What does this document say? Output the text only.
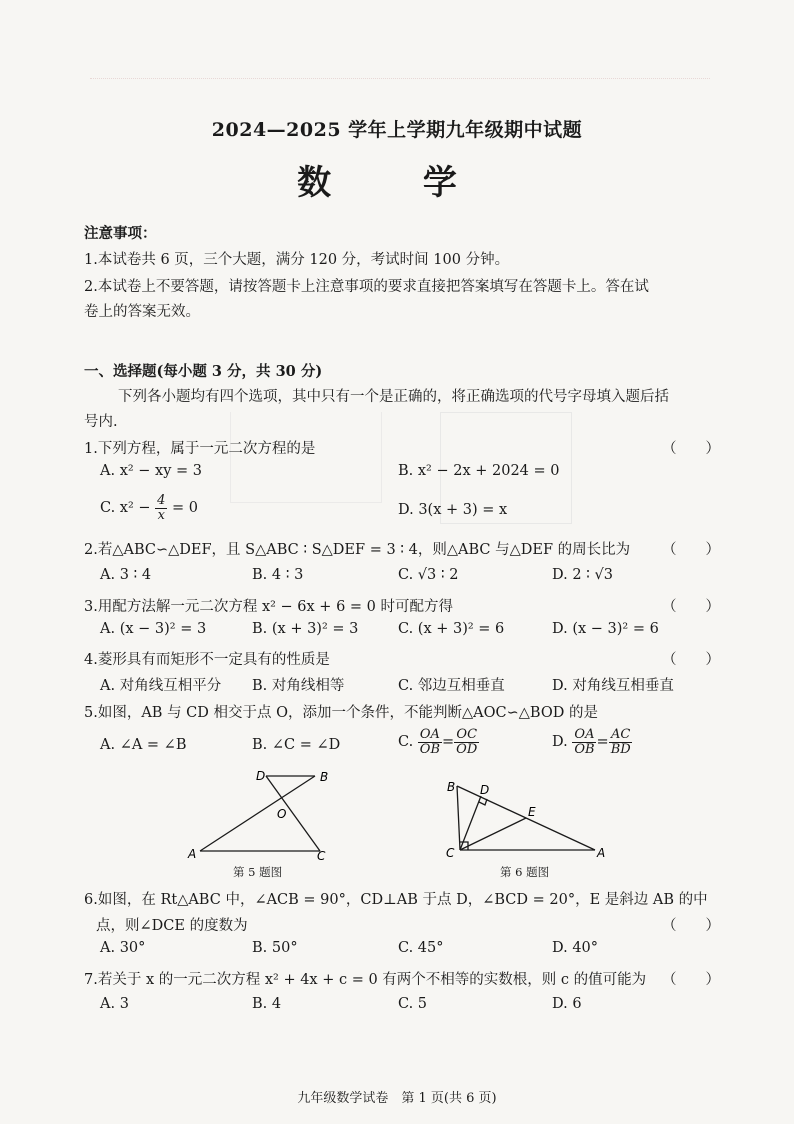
2024—2025 学年上学期九年级期中试题
数 学
注意事项：
1.本试卷共 6 页，三个大题，满分 120 分，考试时间 100 分钟。
2.本试卷上不要答题，请按答题卡上注意事项的要求直接把答案填写在答题卡上。答在试
卷上的答案无效。
一、选择题(每小题 3 分，共 30 分)
下列各小题均有四个选项，其中只有一个是正确的，将正确选项的代号字母填入题后括
号内.
1.下列方程，属于一元二次方程的是	（　　）
A. x² − xy = 3	B. x² − 2x + 2024 = 0
C. $x^2 - \frac{4}{x} = 0$	D. 3(x + 3) = x
2.若△ABC∽△DEF，且 S△ABC ∶ S△DEF = 3 ∶ 4，则△ABC 与△DEF 的周长比为 （　　）
A. 3 ∶ 4	B. 4 ∶ 3	C. √3 ∶ 2	D. 2 ∶ √3
3.用配方法解一元二次方程 x² − 6x + 6 = 0 时可配方得	（　　）
A. (x − 3)² = 3	B. (x + 3)² = 3	C. (x + 3)² = 6	D. (x − 3)² = 6
4.菱形具有而矩形不一定具有的性质是	（　　）
A. 对角线互相平分 B. 对角线相等	C. 邻边互相垂直	D. 对角线互相垂直
5.如图，AB 与 CD 相交于点 O，添加一个条件，不能判断△AOC∽△BOD 的是
A. ∠A = ∠B	B. ∠C = ∠D	C. $\frac{OA}{OB} = \frac{OC}{OD}$	D. $\frac{OA}{OB} = \frac{AC}{BD}$
D	B
O
A	C
第 5 题图
B D
E
C	A
第 6 题图
6.如图，在 Rt△ABC 中，∠ACB = 90°，CD⊥AB 于点 D，∠BCD = 20°，E 是斜边 AB 的中
点，则∠DCE 的度数为	（　　）
A. 30°	B. 50°	C. 45°	D. 40°
7.若关于 x 的一元二次方程 x² + 4x + c = 0 有两个不相等的实数根，则 c 的值可能为 （　　）
A. 3	B. 4	C. 5	D. 6
九年级数学试卷　第 1 页(共 6 页)
